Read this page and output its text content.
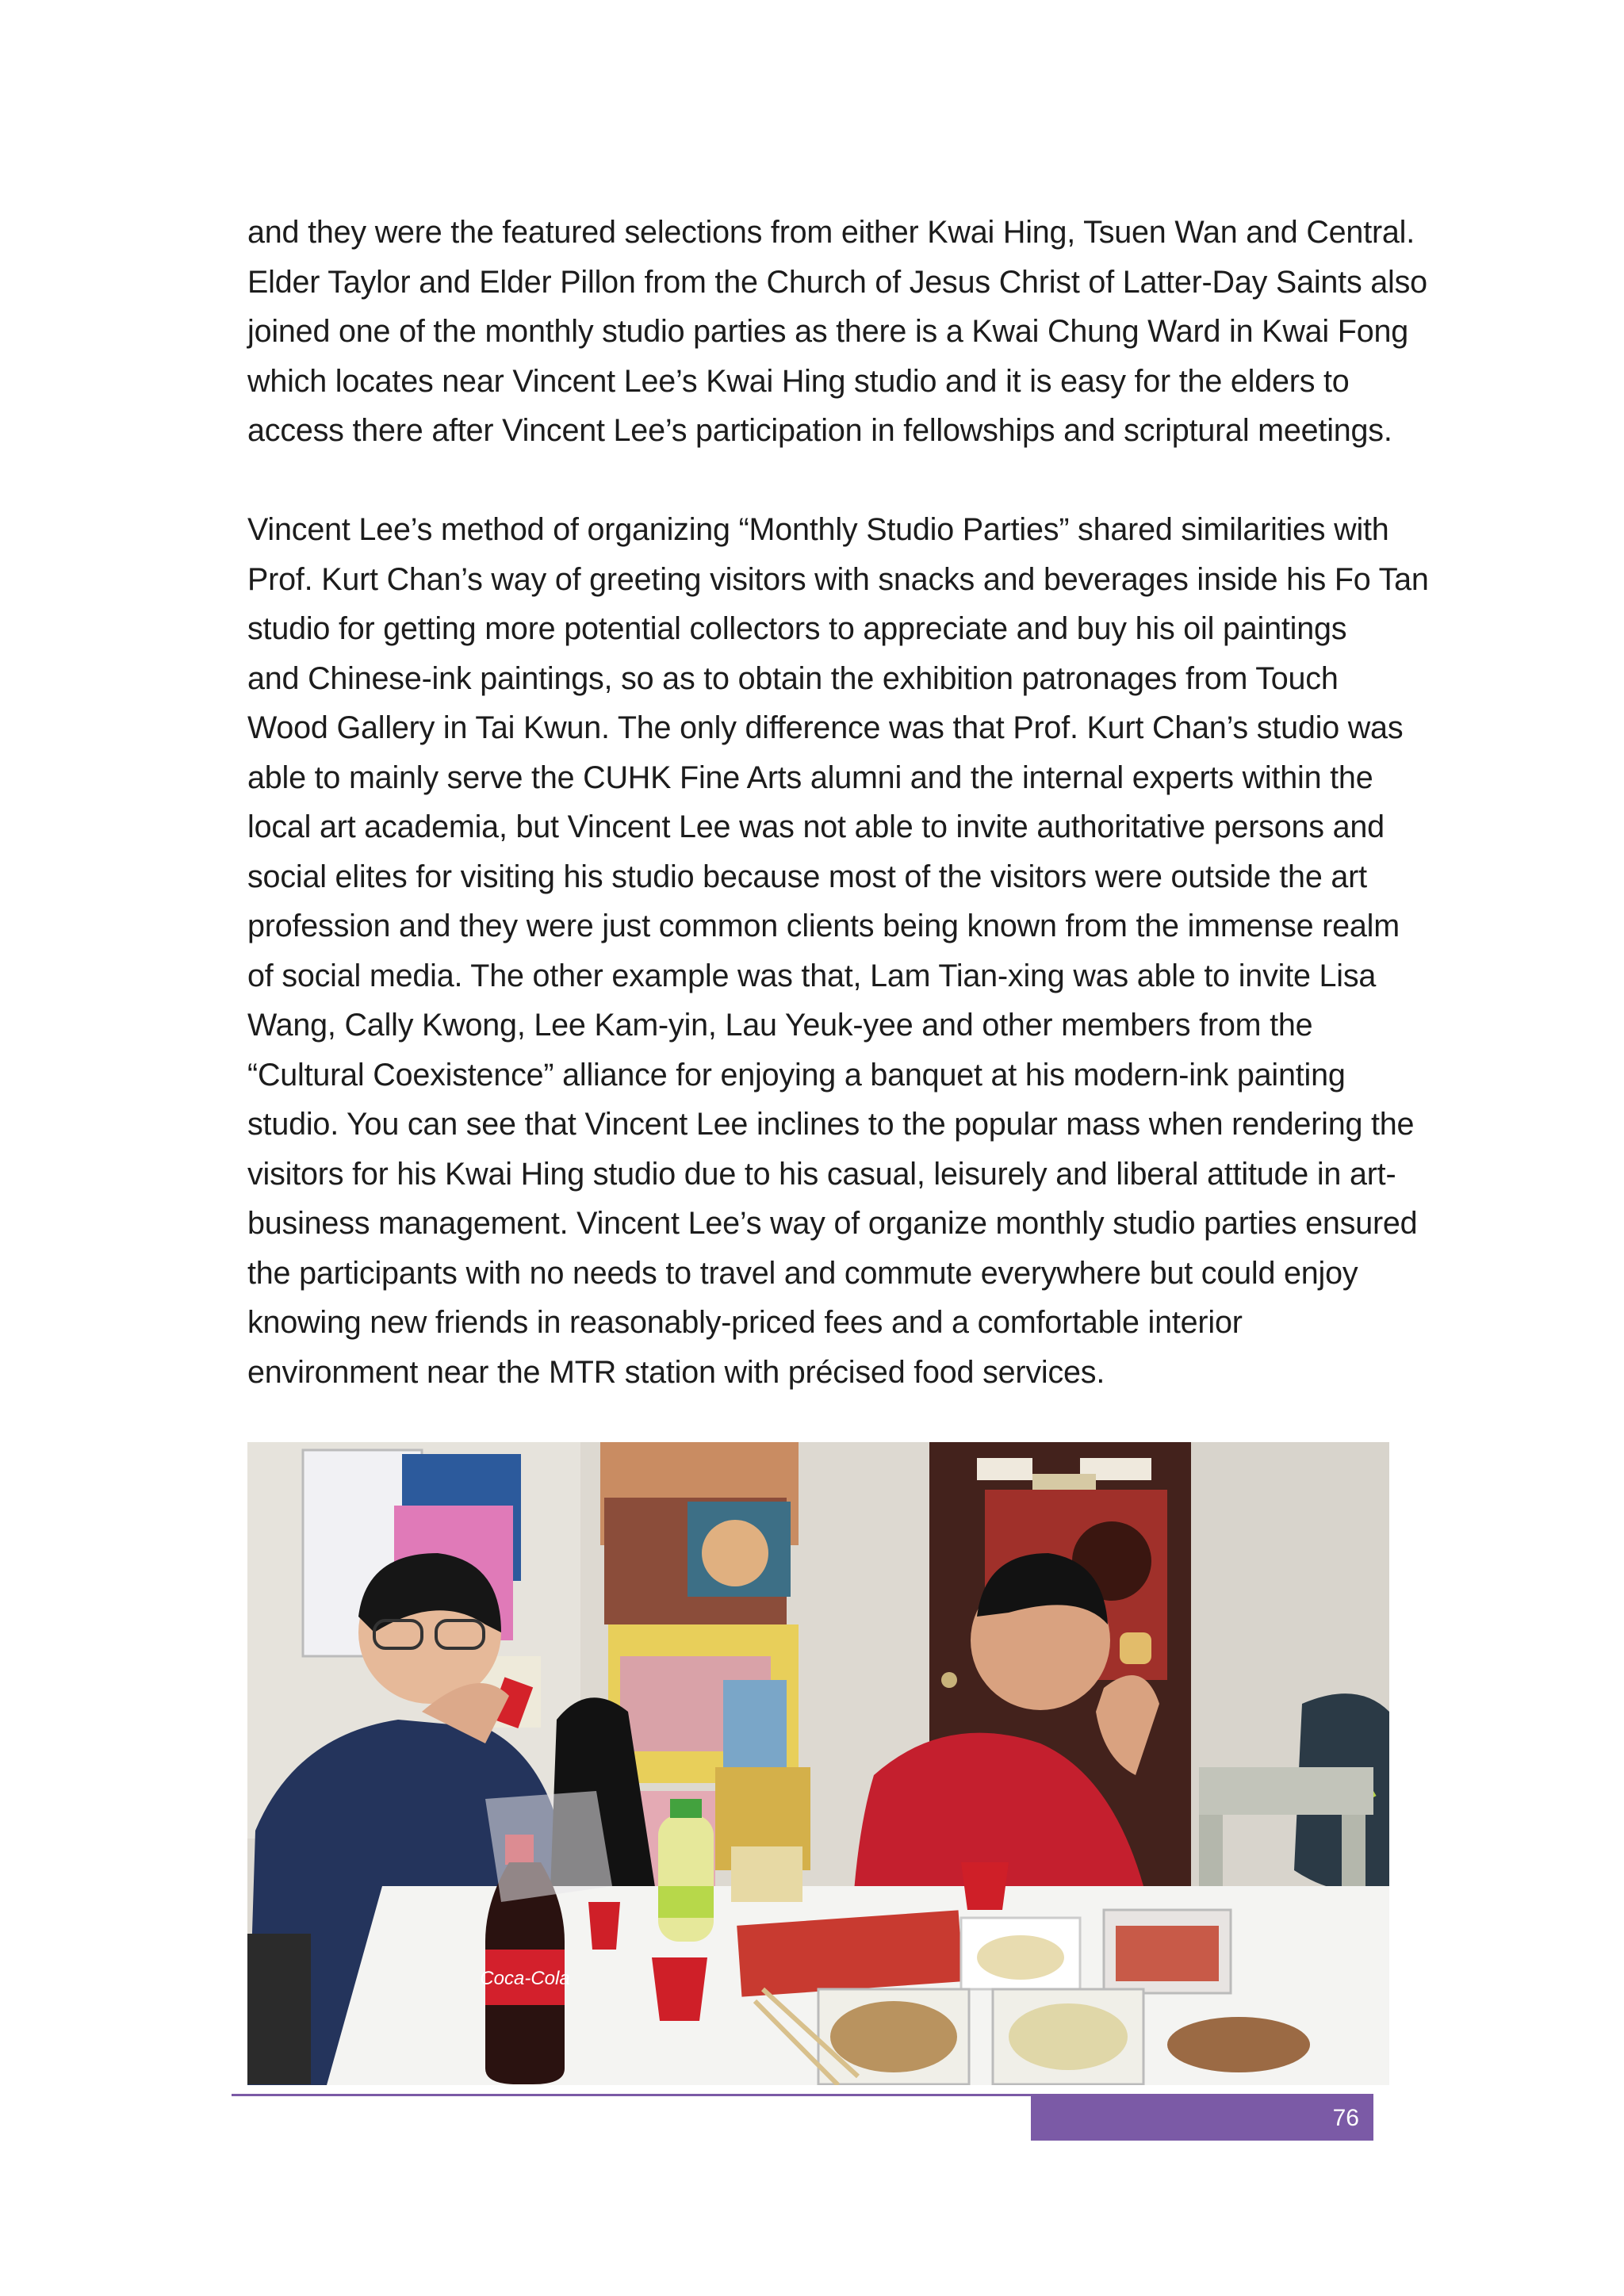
and they were the featured selections from either Kwai Hing, Tsuen Wan and Central.

Elder Taylor and Elder Pillon from the Church of Jesus Christ of Latter-Day Saints also

joined one of the monthly studio parties as there is a Kwai Chung Ward in Kwai Fong

which locates near Vincent Lee’s Kwai Hing studio and it is easy for the elders to

access there after Vincent Lee’s participation in fellowships and scriptural meetings.

Vincent Lee’s method of organizing “Monthly Studio Parties” shared similarities with

Prof. Kurt Chan’s way of greeting visitors with snacks and beverages inside his Fo Tan

studio for getting more potential collectors to appreciate and buy his oil paintings

and Chinese-ink paintings, so as to obtain the exhibition patronages from Touch

Wood Gallery in Tai Kwun. The only difference was that Prof. Kurt Chan’s studio was

able to mainly serve the CUHK Fine Arts alumni and the internal experts within the

local art academia, but Vincent Lee was not able to invite authoritative persons and

social elites for visiting his studio because most of the visitors were outside the art

profession and they were just common clients being known from the immense realm

of social media. The other example was that, Lam Tian-xing was able to invite Lisa

Wang, Cally Kwong, Lee Kam-yin, Lau Yeuk-yee and other members from the

“Cultural Coexistence” alliance for enjoying a banquet at his modern-ink painting

studio. You can see that Vincent Lee inclines to the popular mass when rendering the

visitors for his Kwai Hing studio due to his casual, leisurely and liberal attitude in art-

business management. Vincent Lee’s way of organize monthly studio parties ensured

the participants with no needs to travel and commute everywhere but could enjoy

knowing new friends in reasonably-priced fees and a comfortable interior

environment near the MTR station with précised food services.

Coca-Cola
76
